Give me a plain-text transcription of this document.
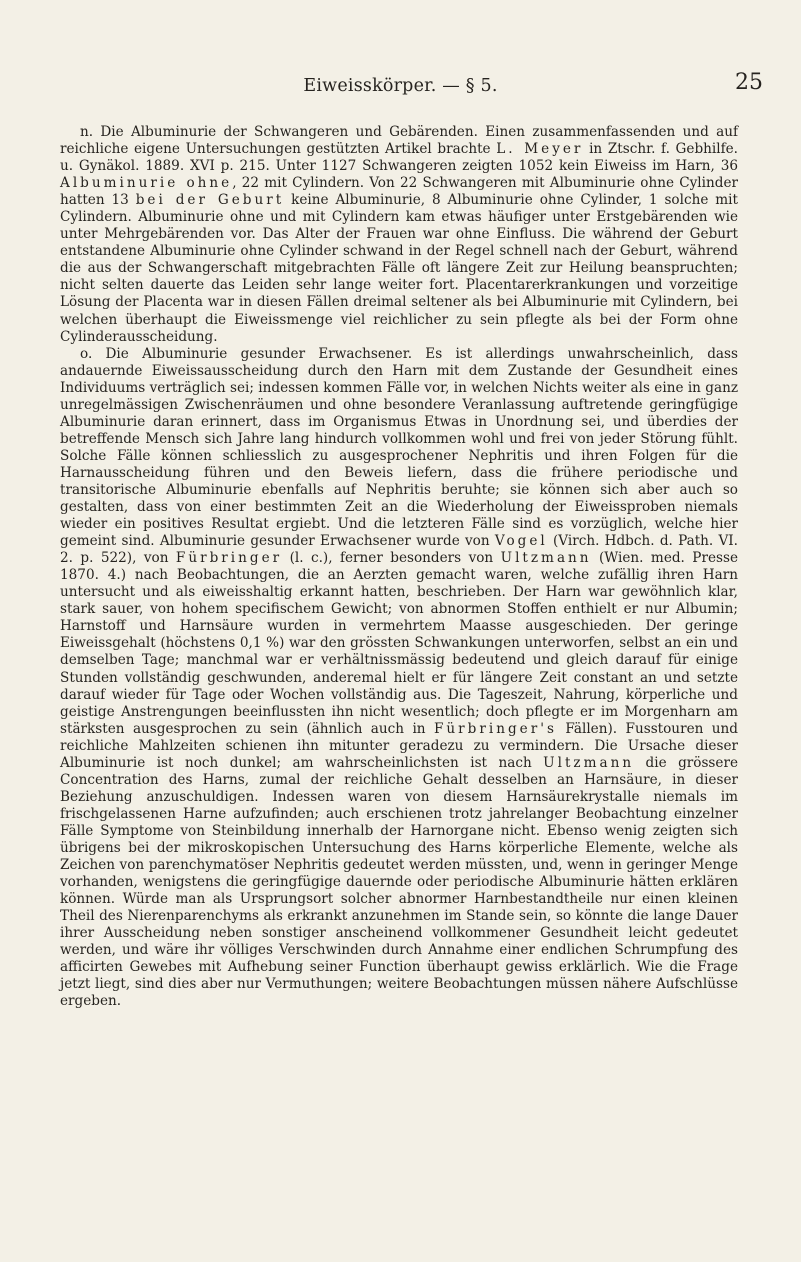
Eiweisskörper. — § 5.	25

n. Die Albuminurie der Schwangeren und Gebärenden. Einen zusammenfassenden und auf reichliche eigene Untersuchungen gestützten Artikel brachte L. Meyer in Ztschr. f. Gebhilfe. u. Gynäkol. 1889. XVI p. 215. Unter 1127 Schwangeren zeigten 1052 kein Eiweiss im Harn, 36 Albuminurie ohne, 22 mit Cylindern. Von 22 Schwangeren mit Albuminurie ohne Cylinder hatten 13 bei der Geburt keine Albuminurie, 8 Albuminurie ohne Cylinder, 1 solche mit Cylindern. Albuminurie ohne und mit Cylindern kam etwas häufiger unter Erstgebärenden wie unter Mehrgebärenden vor. Das Alter der Frauen war ohne Einfluss. Die während der Geburt entstandene Albuminurie ohne Cylinder schwand in der Regel schnell nach der Geburt, während die aus der Schwangerschaft mitgebrachten Fälle oft längere Zeit zur Heilung beanspruchten; nicht selten dauerte das Leiden sehr lange weiter fort. Placentarerkrankungen und vorzeitige Lösung der Placenta war in diesen Fällen dreimal seltener als bei Albuminurie mit Cylindern, bei welchen überhaupt die Eiweissmenge viel reichlicher zu sein pflegte als bei der Form ohne Cylinderausscheidung.

o. Die Albuminurie gesunder Erwachsener. Es ist allerdings unwahrscheinlich, dass andauernde Eiweissausscheidung durch den Harn mit dem Zustande der Gesundheit eines Individuums verträglich sei; indessen kommen Fälle vor, in welchen Nichts weiter als eine in ganz unregelmässigen Zwischenräumen und ohne besondere Veranlassung auftretende geringfügige Albuminurie daran erinnert, dass im Organismus Etwas in Unordnung sei, und überdies der betreffende Mensch sich Jahre lang hindurch vollkommen wohl und frei von jeder Störung fühlt. Solche Fälle können schliesslich zu ausgesprochener Nephritis und ihren Folgen für die Harnausscheidung führen und den Beweis liefern, dass die frühere periodische und transitorische Albuminurie ebenfalls auf Nephritis beruhte; sie können sich aber auch so gestalten, dass von einer bestimmten Zeit an die Wiederholung der Eiweissproben niemals wieder ein positives Resultat ergiebt. Und die letzteren Fälle sind es vorzüglich, welche hier gemeint sind. Albuminurie gesunder Erwachsener wurde von Vogel (Virch. Hdbch. d. Path. VI. 2. p. 522), von Fürbringer (l. c.), ferner besonders von Ultzmann (Wien. med. Presse 1870. 4.) nach Beobachtungen, die an Aerzten gemacht waren, welche zufällig ihren Harn untersucht und als eiweisshaltig erkannt hatten, beschrieben. Der Harn war gewöhnlich klar, stark sauer, von hohem specifischem Gewicht; von abnormen Stoffen enthielt er nur Albumin; Harnstoff und Harnsäure wurden in vermehrtem Maasse ausgeschieden. Der geringe Eiweissgehalt (höchstens 0,1 %) war den grössten Schwankungen unterworfen, selbst an ein und demselben Tage; manchmal war er verhältnissmässig bedeutend und gleich darauf für einige Stunden vollständig geschwunden, anderemal hielt er für längere Zeit constant an und setzte darauf wieder für Tage oder Wochen vollständig aus. Die Tageszeit, Nahrung, körperliche und geistige Anstrengungen beeinflussten ihn nicht wesentlich; doch pflegte er im Morgenharn am stärksten ausgesprochen zu sein (ähnlich auch in Fürbringer's Fällen). Fusstouren und reichliche Mahlzeiten schienen ihn mitunter geradezu zu vermindern. Die Ursache dieser Albuminurie ist noch dunkel; am wahrscheinlichsten ist nach Ultzmann die grössere Concentration des Harns, zumal der reichliche Gehalt desselben an Harnsäure, in dieser Beziehung anzuschuldigen. Indessen waren von diesem Harnsäurekrystalle niemals im frischgelassenen Harne aufzufinden; auch erschienen trotz jahrelanger Beobachtung einzelner Fälle Symptome von Steinbildung innerhalb der Harnorgane nicht. Ebenso wenig zeigten sich übrigens bei der mikroskopischen Untersuchung des Harns körperliche Elemente, welche als Zeichen von parenchymatöser Nephritis gedeutet werden müssten, und, wenn in geringer Menge vorhanden, wenigstens die geringfügige dauernde oder periodische Albuminurie hätten erklären können. Würde man als Ursprungsort solcher abnormer Harnbestandtheile nur einen kleinen Theil des Nierenparenchyms als erkrankt anzunehmen im Stande sein, so könnte die lange Dauer ihrer Ausscheidung neben sonstiger anscheinend vollkommener Gesundheit leicht gedeutet werden, und wäre ihr völliges Verschwinden durch Annahme einer endlichen Schrumpfung des afficirten Gewebes mit Aufhebung seiner Function überhaupt gewiss erklärlich. Wie die Frage jetzt liegt, sind dies aber nur Vermuthungen; weitere Beobachtungen müssen nähere Aufschlüsse ergeben.
